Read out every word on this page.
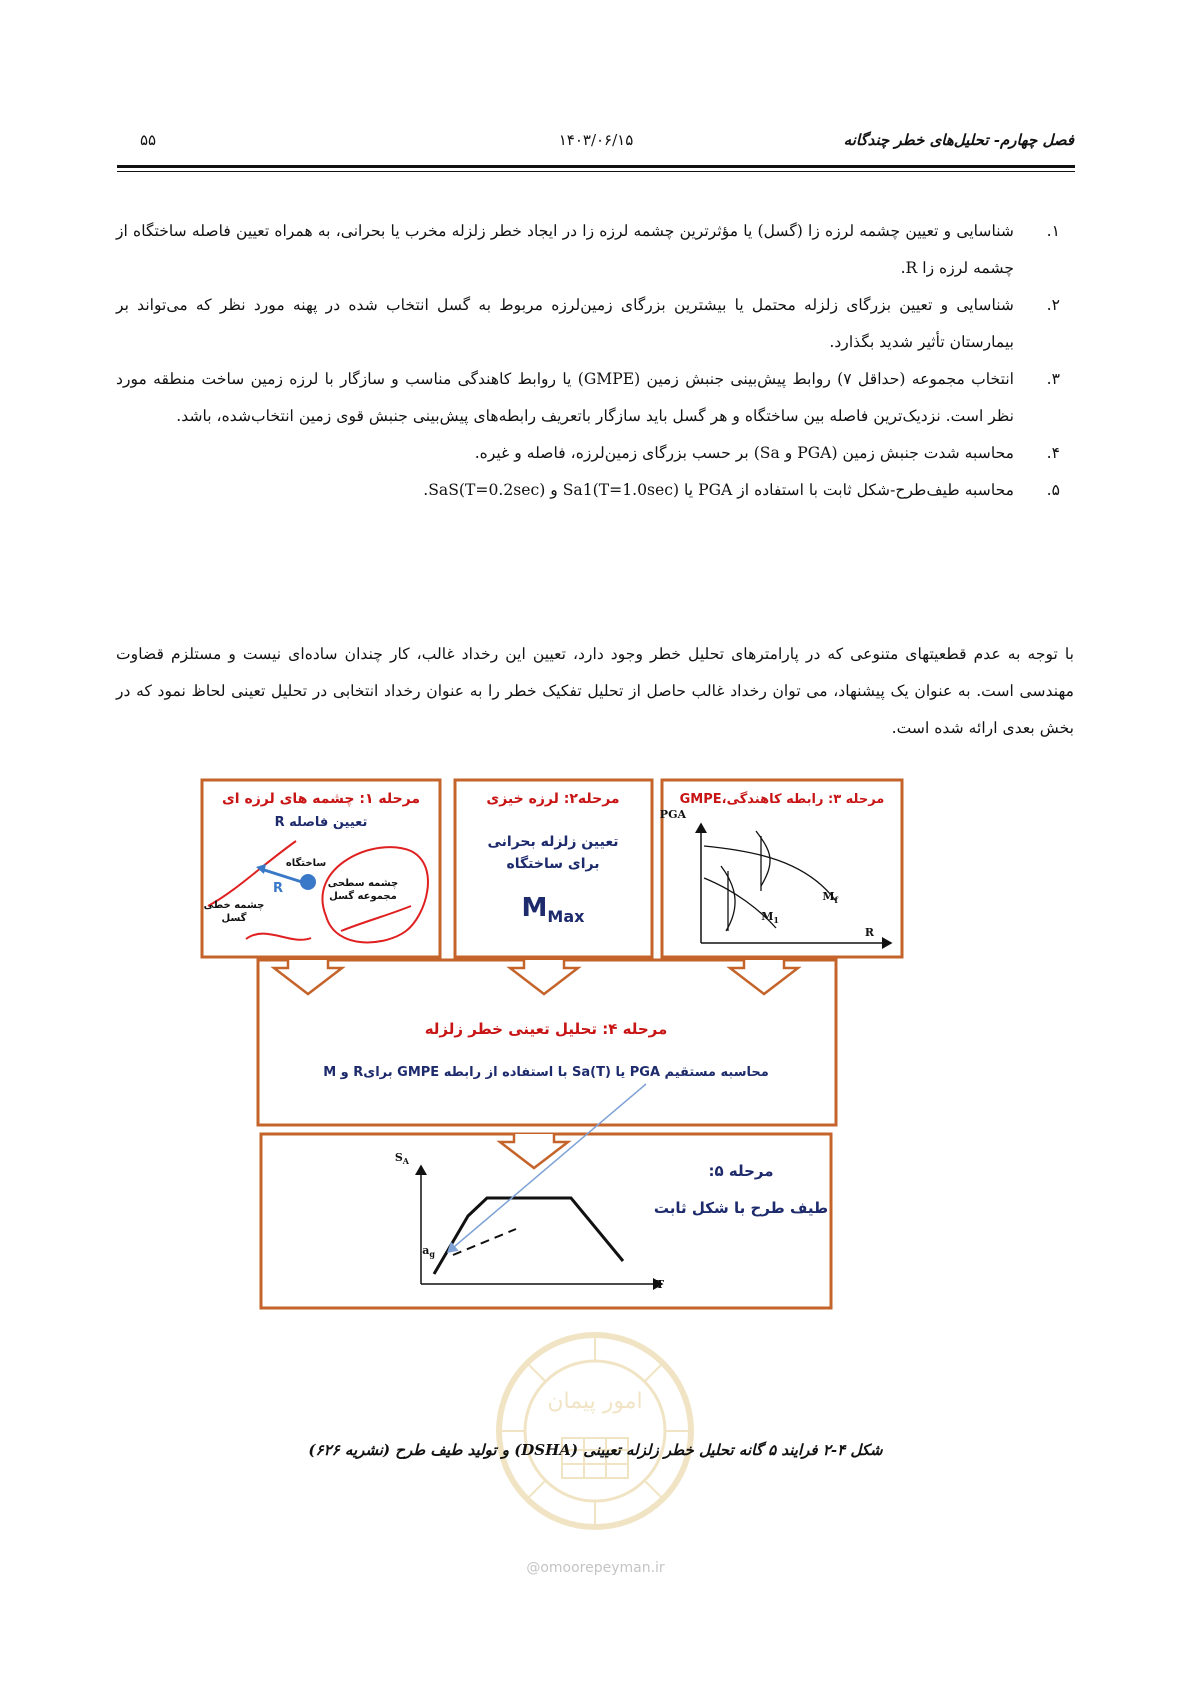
فصل چهارم- تحلیل‌های خطر چندگانه
۱۴۰۳/۰۶/۱۵
۵۵
۱.
شناسایی و تعیین چشمه لرزه زا (گسل) یا مؤثرترین چشمه لرزه زا در ایجاد خطر زلزله مخرب یا بحرانی، به همراه تعیین فاصله ساختگاه از چشمه لرزه زا R.
۲.
شناسایی و تعیین بزرگای زلزله محتمل یا بیشترین بزرگای زمین‌لرزه مربوط به گسل انتخاب شده در پهنه مورد نظر که می‌تواند بر بیمارستان تأثیر شدید بگذارد.
۳.
انتخاب مجموعه (حداقل ۷) روابط پیش‌بینی جنبش زمین (GMPE) یا روابط کاهندگی مناسب و سازگار با لرزه زمین ساخت منطقه مورد نظر است. نزدیک‌ترین فاصله بین ساختگاه و هر گسل باید سازگار باتعریف رابطه‌های پیش‌بینی جنبش قوی زمین انتخاب‌شده، باشد.
۴.
محاسبه شدت جنبش زمین (PGA و Sa) بر حسب بزرگای زمین‌لرزه، فاصله و غیره.
۵.
محاسبه طیف‌طرح-شکل ثابت با استفاده از PGA یا Sa1(T=1.0sec) و SaS(T=0.2sec).

با توجه به عدم قطعیتهای متنوعی که در پارامترهای تحلیل خطر وجود دارد، تعیین این رخداد غالب، کار چندان ساده‌ای نیست و مستلزم قضاوت مهندسی است. به عنوان یک پیشنهاد، می توان رخداد غالب حاصل از تحلیل تفکیک خطر را به عنوان رخداد انتخابی در تحلیل تعینی لحاظ نمود که در بخش بعدی ارائه شده است.

امور پیمان
مرحله ۱: چشمه های لرزه ای
تعیین فاصله R
ساختگاه
R	چشمه سطحی
مجموعه گسل
چشمه خطی
گسل
مرحله۲: لرزه خیزی
تعیین زلزله بحرانی
برای ساختگاه
MMax
مرحله ۳: رابطه کاهندگی،GMPE
PGA
R
$M_1$
$M_f$
مرحله ۴: تحلیل تعینی خطر زلزله
محاسبه مستقیم PGA یا Sa(T) با استفاده از رابطه GMPE برایR و M
$S_A$
T
$a_g$
مرحله ۵:
طیف طرح با شکل ثابت
شکل ۴-۲ فرایند ۵ گانه تحلیل خطر زلزله تعیینی (DSHA) و تولید طیف طرح (نشریه ۶۲۶)
@omoorepeyman.ir
